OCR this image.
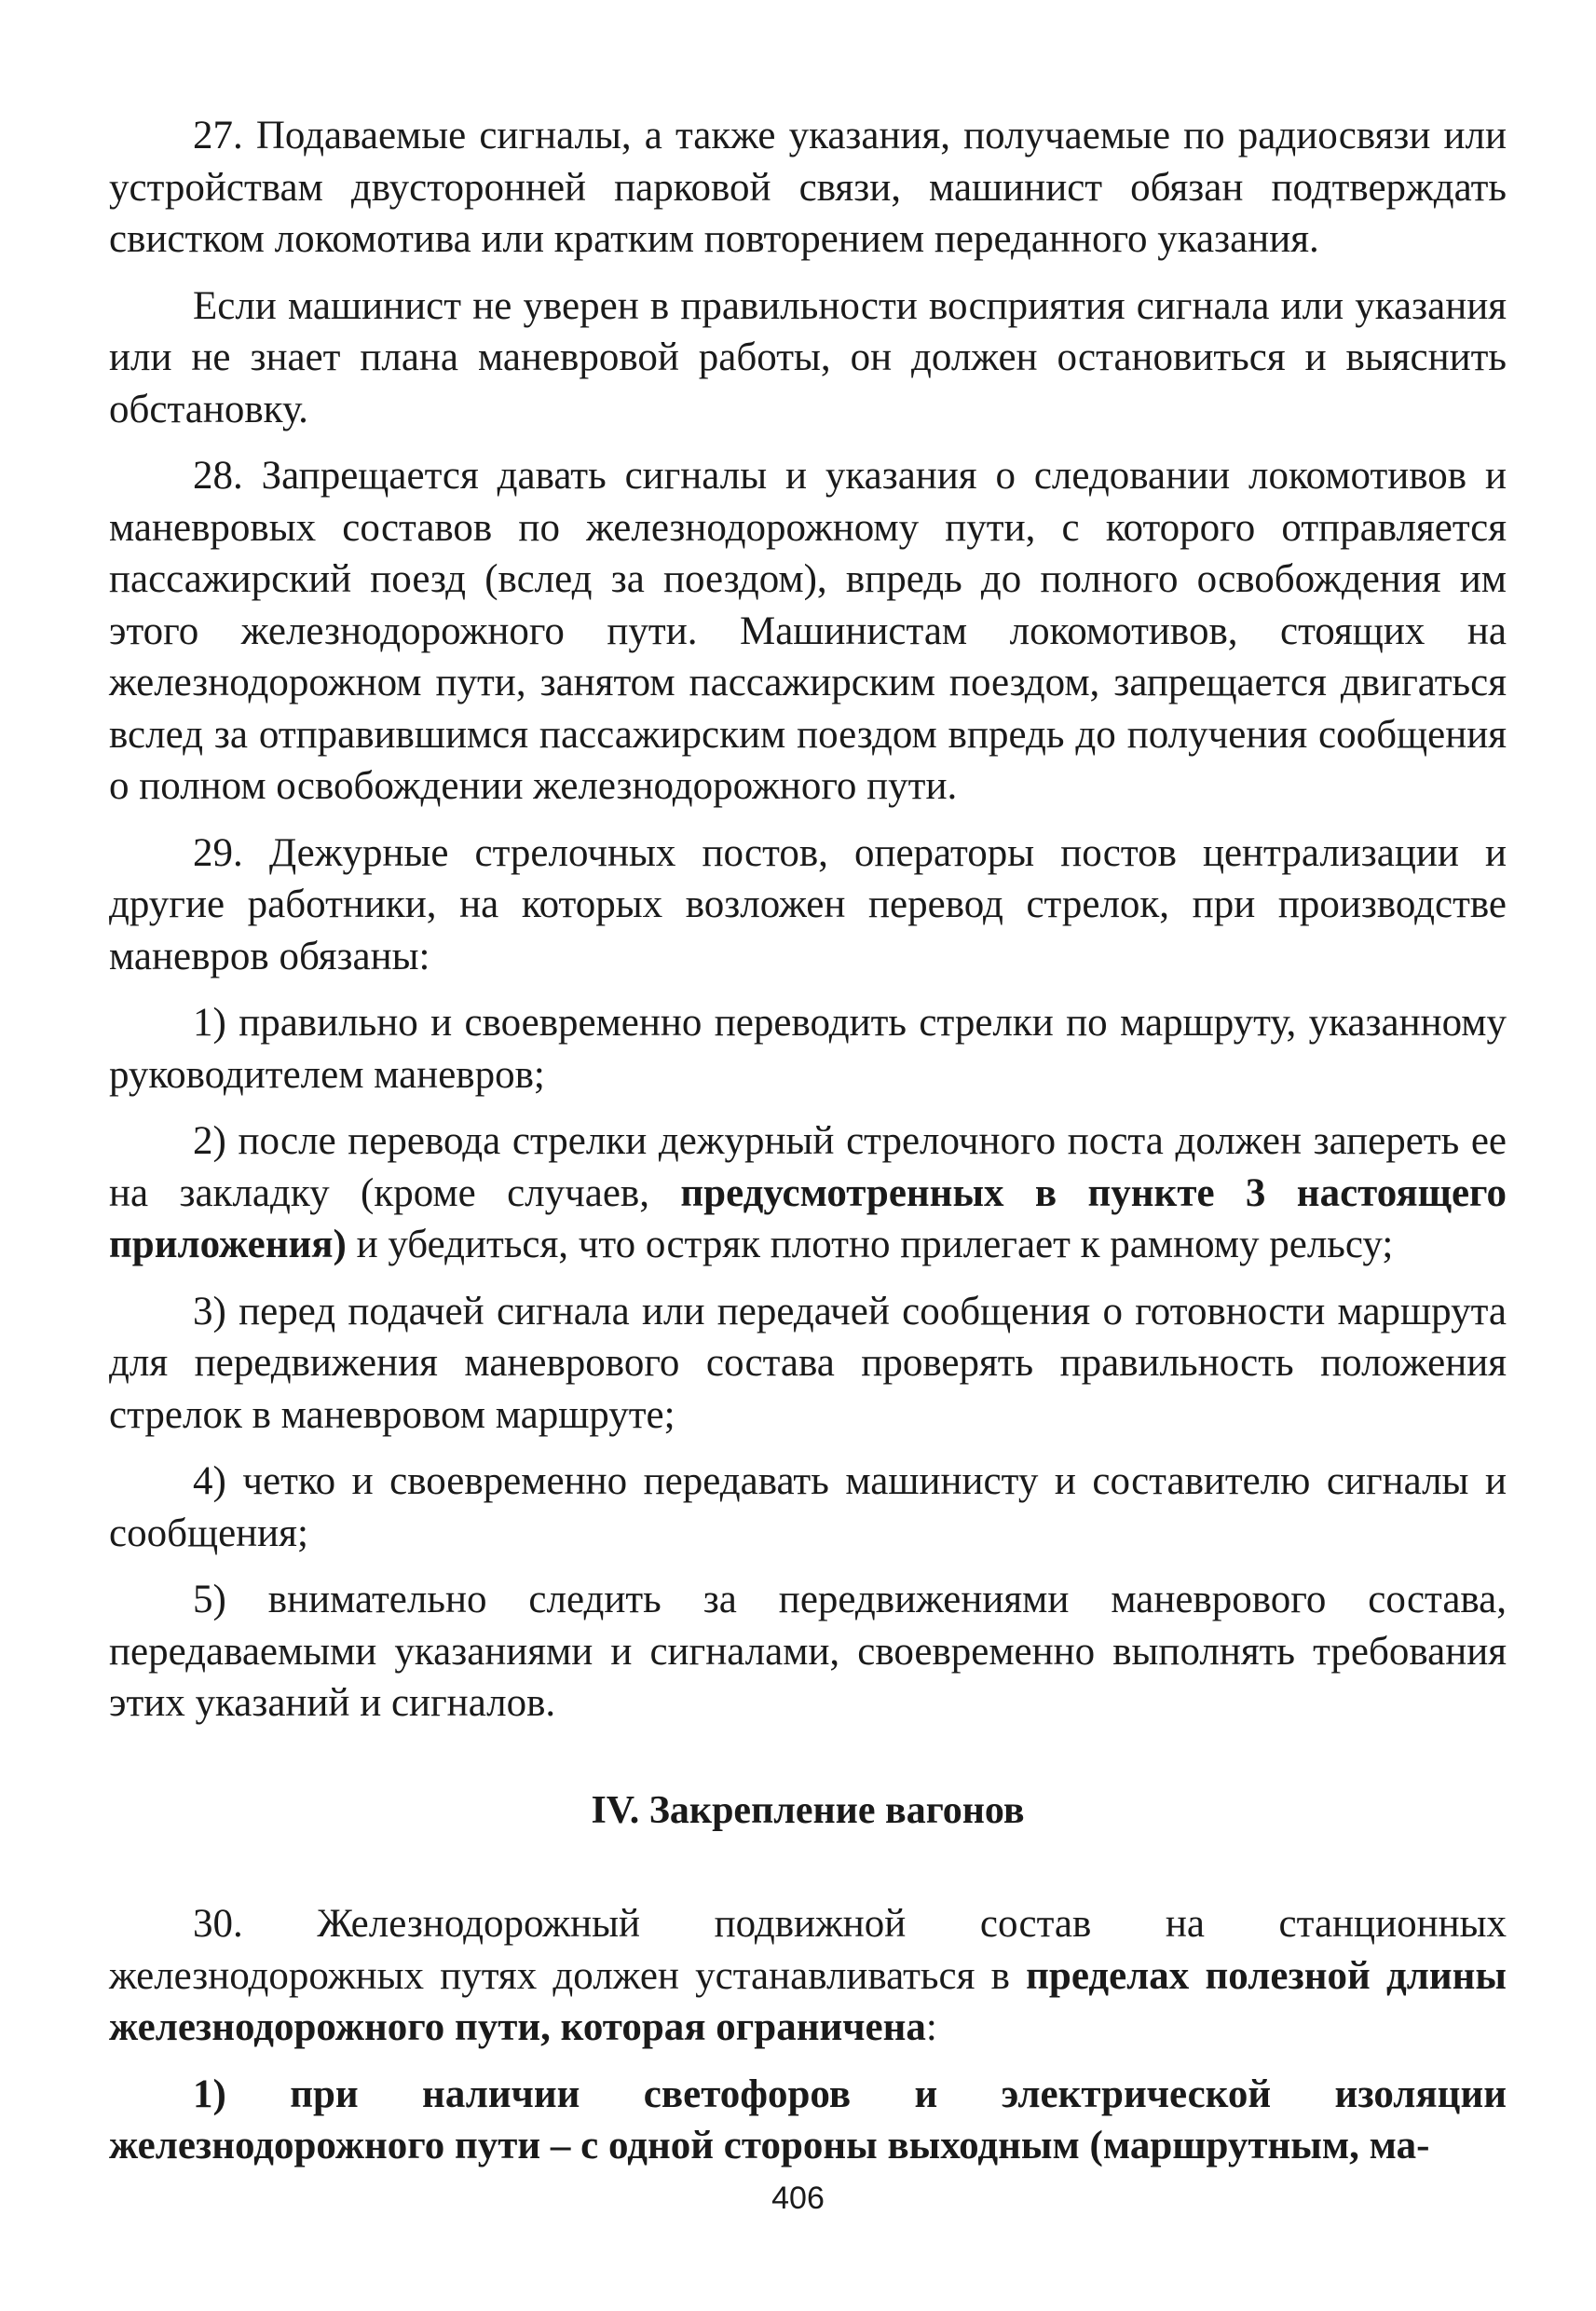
27. Подаваемые сигналы, а также указания, получаемые по радиосвязи или устройствам двусторонней парковой связи, машинист обязан подтверждать свистком локомотива или кратким повторением переданного указания.

Если машинист не уверен в правильности восприятия сигнала или указания или не знает плана маневровой работы, он должен остановиться и выяснить обстановку.

28. Запрещается давать сигналы и указания о следовании локомотивов и маневровых составов по железнодорожному пути, с которого отправляется пассажирский поезд (вслед за поездом), впредь до полного освобождения им этого железнодорожного пути. Машинистам локомотивов, стоящих на железнодорожном пути, занятом пассажирским поездом, запрещается двигаться вслед за отправившимся пассажирским поездом впредь до получения сообщения о полном освобождении железнодорожного пути.

29. Дежурные стрелочных постов, операторы постов централизации и другие работники, на которых возложен перевод стрелок, при производстве маневров обязаны:

1) правильно и своевременно переводить стрелки по маршруту, указанному руководителем маневров;

2) после перевода стрелки дежурный стрелочного поста должен запереть ее на закладку (кроме случаев, предусмотренных в пункте 3 настоящего приложения) и убедиться, что остряк плотно прилегает к рамному рельсу;

3) перед подачей сигнала или передачей сообщения о готовности маршрута для передвижения маневрового состава проверять правильность положения стрелок в маневровом маршруте;

4) четко и своевременно передавать машинисту и составителю сигналы и сообщения;

5) внимательно следить за передвижениями маневрового состава, передаваемыми указаниями и сигналами, своевременно выполнять требования этих указаний и сигналов.

IV. Закрепление вагонов

30. Железнодорожный подвижной состав на станционных железнодорожных путях должен устанавливаться в пределах полезной длины железнодорожного пути, которая ограничена:

1) при наличии светофоров и электрической изоляции железнодорожного пути – с одной стороны выходным (маршрутным, ма-

406
